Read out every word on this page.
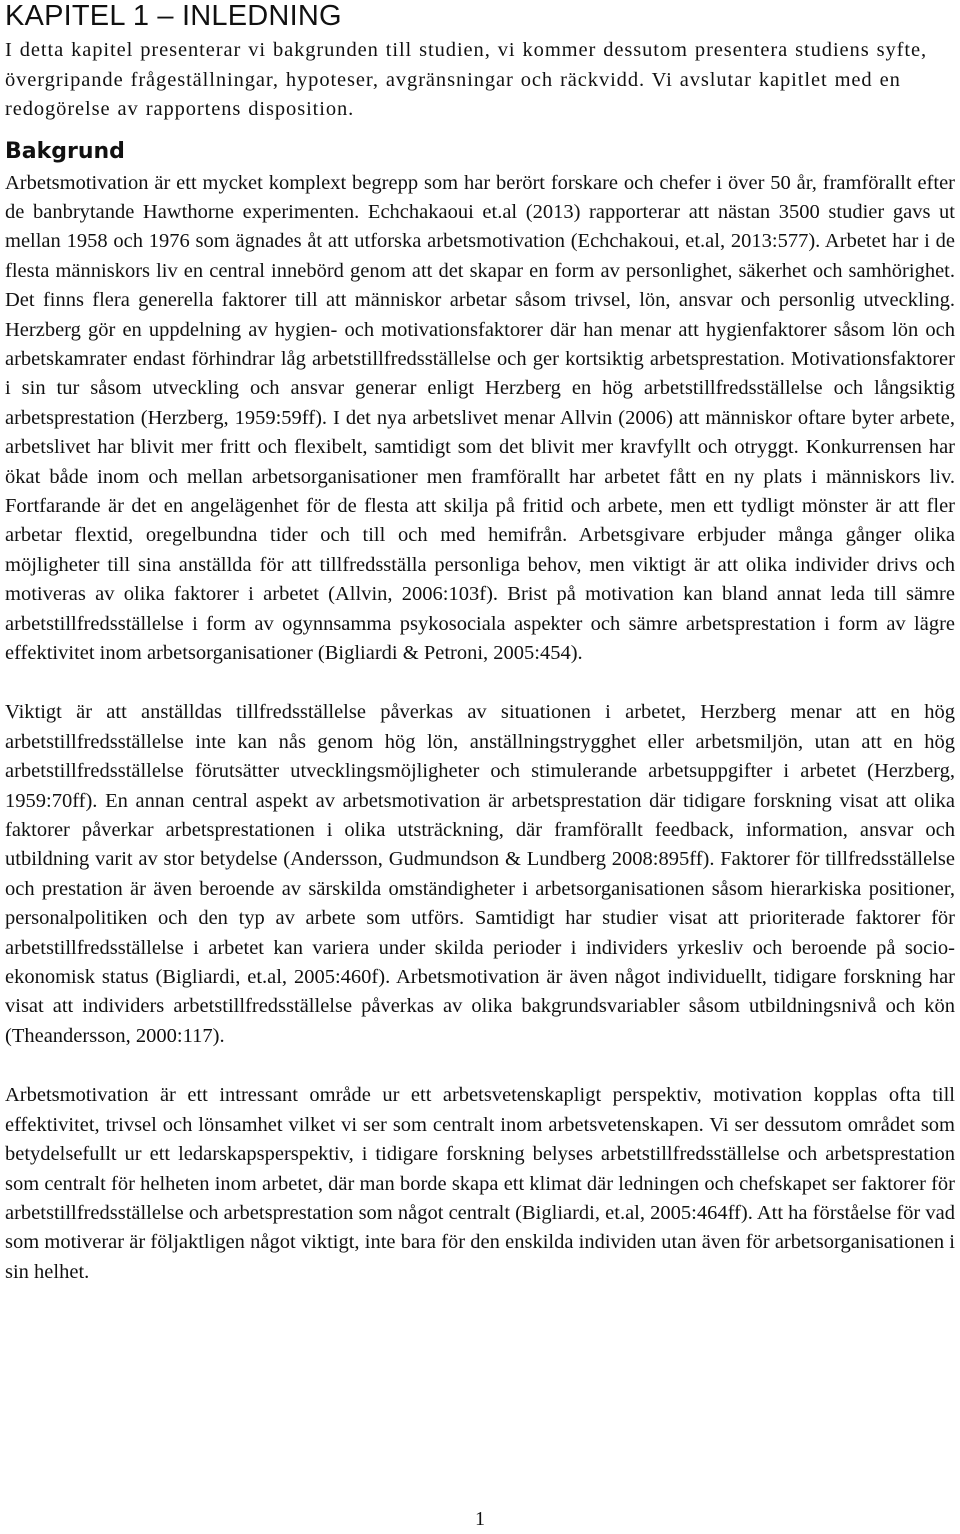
KAPITEL 1 – INLEDNING

I detta kapitel presenterar vi bakgrunden till studien, vi kommer dessutom presentera studiens syfte, övergripande frågeställningar, hypoteser, avgränsningar och räckvidd. Vi avslutar kapitlet med en redogörelse av rapportens disposition.

Bakgrund

Arbetsmotivation är ett mycket komplext begrepp som har berört forskare och chefer i över 50 år, framförallt efter de banbrytande Hawthorne experimenten. Echchakaoui et.al (2013) rapporterar att nästan 3500 studier gavs ut mellan 1958 och 1976 som ägnades åt att utforska arbetsmotivation (Echchakoui, et.al, 2013:577). Arbetet har i de flesta människors liv en central innebörd genom att det skapar en form av personlighet, säkerhet och samhörighet. Det finns flera generella faktorer till att människor arbetar såsom trivsel, lön, ansvar och personlig utveckling. Herzberg gör en uppdelning av hygien- och motivationsfaktorer där han menar att hygienfaktorer såsom lön och arbetskamrater endast förhindrar låg arbetstillfredsställelse och ger kortsiktig arbetsprestation. Motivationsfaktorer i sin tur såsom utveckling och ansvar generar enligt Herzberg en hög arbetstillfredsställelse och långsiktig arbetsprestation (Herzberg, 1959:59ff). I det nya arbetslivet menar Allvin (2006) att människor oftare byter arbete, arbetslivet har blivit mer fritt och flexibelt, samtidigt som det blivit mer kravfyllt och otryggt. Konkurrensen har ökat både inom och mellan arbetsorganisationer men framförallt har arbetet fått en ny plats i människors liv. Fortfarande är det en angelägenhet för de flesta att skilja på fritid och arbete, men ett tydligt mönster är att fler arbetar flextid, oregelbundna tider och till och med hemifrån. Arbetsgivare erbjuder många gånger olika möjligheter till sina anställda för att tillfredsställa personliga behov, men viktigt är att olika individer drivs och motiveras av olika faktorer i arbetet (Allvin, 2006:103f). Brist på motivation kan bland annat leda till sämre arbetstillfredsställelse i form av ogynnsamma psykosociala aspekter och sämre arbetsprestation i form av lägre effektivitet inom arbetsorganisationer (Bigliardi & Petroni, 2005:454).

Viktigt är att anställdas tillfredsställelse påverkas av situationen i arbetet, Herzberg menar att en hög arbetstillfredsställelse inte kan nås genom hög lön, anställningstrygghet eller arbetsmiljön, utan att en hög arbetstillfredsställelse förutsätter utvecklingsmöjligheter och stimulerande arbetsuppgifter i arbetet (Herzberg, 1959:70ff). En annan central aspekt av arbetsmotivation är arbetsprestation där tidigare forskning visat att olika faktorer påverkar arbetsprestationen i olika utsträckning, där framförallt feedback, information, ansvar och utbildning varit av stor betydelse (Andersson, Gudmundson & Lundberg 2008:895ff). Faktorer för tillfredsställelse och prestation är även beroende av särskilda omständigheter i arbetsorganisationen såsom hierarkiska positioner, personalpolitiken och den typ av arbete som utförs. Samtidigt har studier visat att prioriterade faktorer för arbetstillfredsställelse i arbetet kan variera under skilda perioder i individers yrkesliv och beroende på socio-ekonomisk status (Bigliardi, et.al, 2005:460f). Arbetsmotivation är även något individuellt, tidigare forskning har visat att individers arbetstillfredsställelse påverkas av olika bakgrundsvariabler såsom utbildningsnivå och kön (Theandersson, 2000:117).

Arbetsmotivation är ett intressant område ur ett arbetsvetenskapligt perspektiv, motivation kopplas ofta till effektivitet, trivsel och lönsamhet vilket vi ser som centralt inom arbetsvetenskapen. Vi ser dessutom området som betydelsefullt ur ett ledarskapsperspektiv, i tidigare forskning belyses arbetstillfredsställelse och arbetsprestation som centralt för helheten inom arbetet, där man borde skapa ett klimat där ledningen och chefskapet ser faktorer för arbetstillfredsställelse och arbetsprestation som något centralt (Bigliardi, et.al, 2005:464ff). Att ha förståelse för vad som motiverar är följaktligen något viktigt, inte bara för den enskilda individen utan även för arbetsorganisationen i sin helhet.

1
